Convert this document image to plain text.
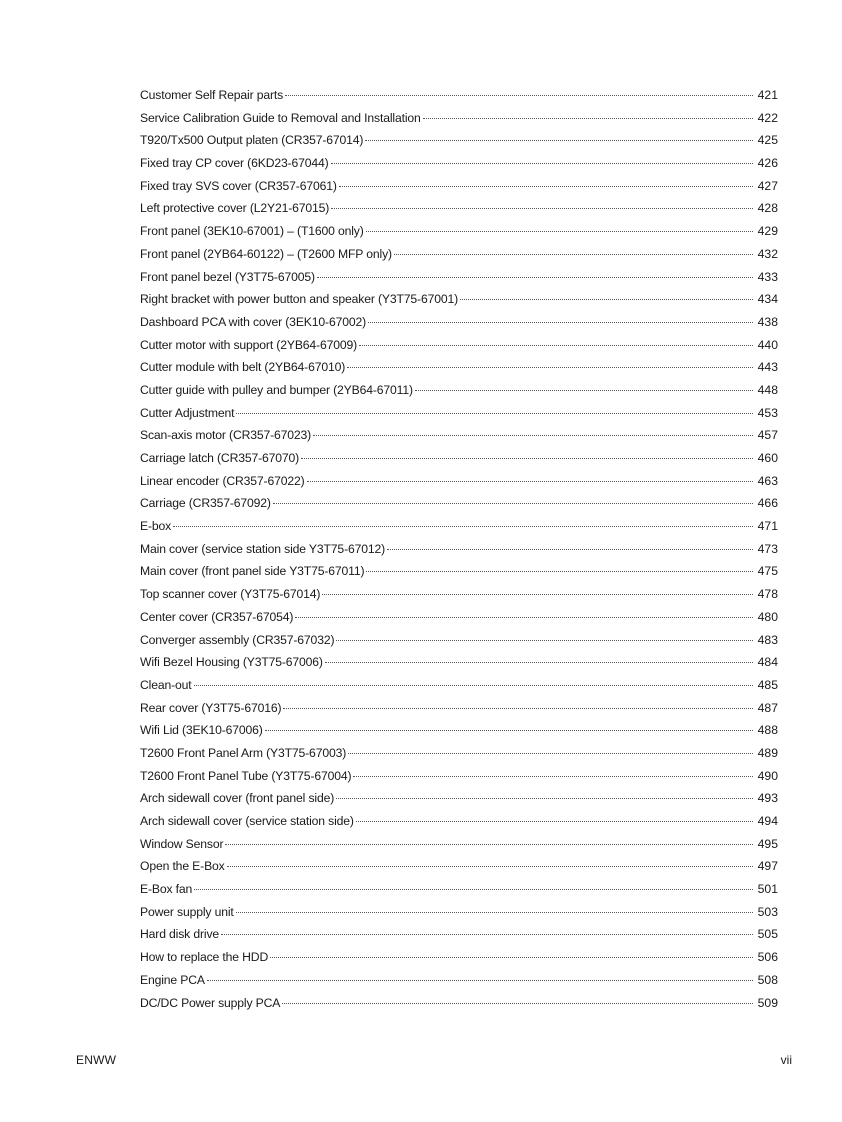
Customer Self Repair parts	421
Service Calibration Guide to Removal and Installation	422
T920/Tx500 Output platen (CR357-67014)	425
Fixed tray CP cover (6KD23-67044)	426
Fixed tray SVS cover (CR357-67061)	427
Left protective cover (L2Y21-67015)	428
Front panel (3EK10-67001) – (T1600 only)	429
Front panel (2YB64-60122) – (T2600 MFP only)	432
Front panel bezel (Y3T75-67005)	433
Right bracket with power button and speaker (Y3T75-67001)	434
Dashboard PCA with cover (3EK10-67002)	438
Cutter motor with support (2YB64-67009)	440
Cutter module with belt (2YB64-67010)	443
Cutter guide with pulley and bumper (2YB64-67011)	448
Cutter Adjustment	453
Scan-axis motor (CR357-67023)	457
Carriage latch (CR357-67070)	460
Linear encoder (CR357-67022)	463
Carriage (CR357-67092)	466
E-box	471
Main cover (service station side Y3T75-67012)	473
Main cover (front panel side Y3T75-67011)	475
Top scanner cover (Y3T75-67014)	478
Center cover (CR357-67054)	480
Converger assembly (CR357-67032)	483
Wifi Bezel Housing (Y3T75-67006)	484
Clean-out	485
Rear cover (Y3T75-67016)	487
Wifi Lid (3EK10-67006)	488
T2600 Front Panel Arm (Y3T75-67003)	489
T2600 Front Panel Tube (Y3T75-67004)	490
Arch sidewall cover (front panel side)	493
Arch sidewall cover (service station side)	494
Window Sensor	495
Open the E-Box	497
E-Box fan	501
Power supply unit	503
Hard disk drive	505
How to replace the HDD	506
Engine PCA	508
DC/DC Power supply PCA	509
ENWW	vii
